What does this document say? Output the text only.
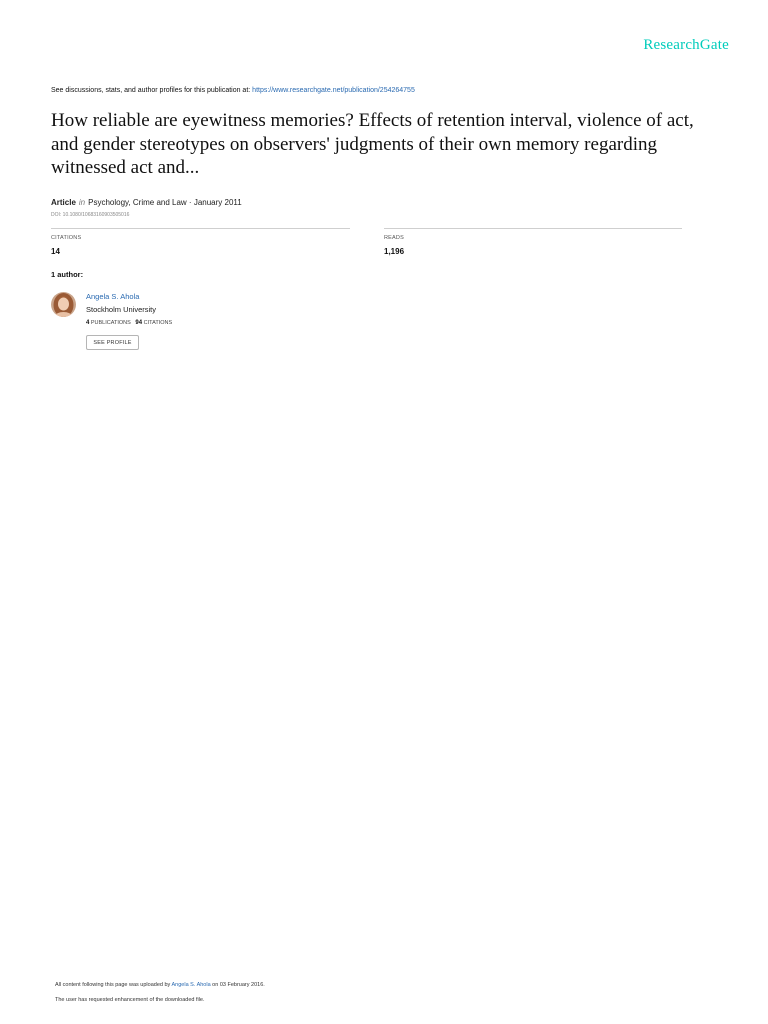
ResearchGate
See discussions, stats, and author profiles for this publication at: https://www.researchgate.net/publication/254264755
How reliable are eyewitness memories? Effects of retention interval, violence of act, and gender stereotypes on observers' judgments of their own memory regarding witnessed act and...
Article in Psychology, Crime and Law · January 2011
DOI: 10.1080/10683160903505016
CITATIONS
14
READS
1,196
1 author:
Angela S. Ahola
Stockholm University
4 PUBLICATIONS 94 CITATIONS
SEE PROFILE
All content following this page was uploaded by Angela S. Ahola on 03 February 2016.
The user has requested enhancement of the downloaded file.
